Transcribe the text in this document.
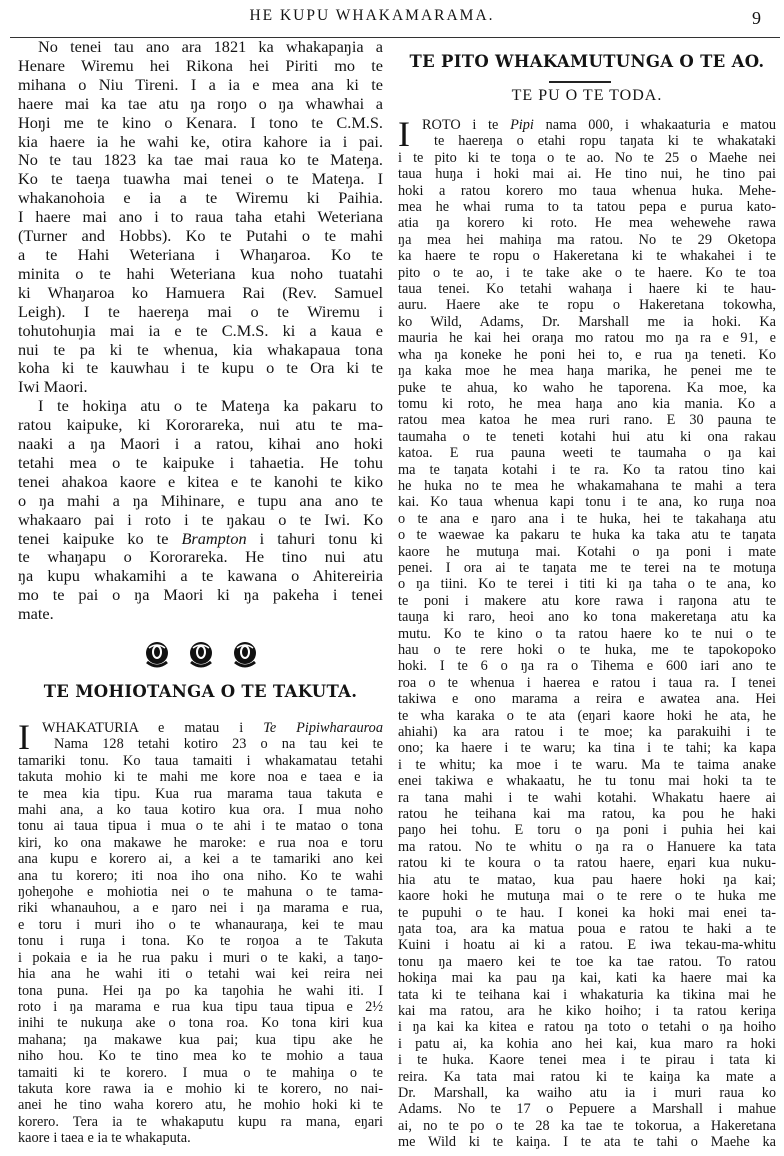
HE KUPU WHAKAMARAMA.	9
No tenei tau ano ara 1821 ka whakapaŋia a
Henare Wiremu hei Rikona hei Piriti mo te
mihana o Niu Tireni. I a ia e mea ana ki te
haere mai ka tae atu ŋa roŋo o ŋa whawhai a
Hoŋi me te kino o Kenara. I tono te C.M.S.
kia haere ia he wahi ke, otira kahore ia i pai.
No te tau 1823 ka tae mai raua ko te Mateŋa.
Ko te taeŋa tuawha mai tenei o te Mateŋa. I
whakanohoia e ia a te Wiremu ki Paihia.
I haere mai ano i to raua taha etahi Weteriana
(Turner and Hobbs). Ko te Putahi o te mahi
a te Hahi Weteriana i Whaŋaroa. Ko te
minita o te hahi Weteriana kua noho tuatahi
ki Whaŋaroa ko Hamuera Rai (Rev. Samuel
Leigh). I te haereŋa mai o te Wiremu i
tohutohuŋia mai ia e te C.M.S. ki a kaua e
nui te pa ki te whenua, kia whakapaua tona
koha ki te kauwhau i te kupu o te Ora ki te
Iwi Maori.
I te hokiŋa atu o te Mateŋa ka pakaru to
ratou kaipuke, ki Kororareka, nui atu te ma-
naaki a ŋa Maori i a ratou, kihai ano hoki
tetahi mea o te kaipuke i tahaetia. He tohu
tenei ahakoa kaore e kitea e te kanohi te kiko
o ŋa mahi a ŋa Mihinare, e tupu ana ano te
whakaaro pai i roto i te ŋakau o te Iwi. Ko
tenei kaipuke ko te Brampton i tahuri tonu ki
te whaŋapu o Kororareka. He tino nui atu
ŋa kupu whakamihi a te kawana o Ahitereiria
mo te pai o ŋa Maori ki ŋa pakeha i tenei
mate.
TE MOHIOTANGA O TE TAKUTA.
I WHAKATURIA e matau i Te Pipiwharauroa
Nama 128 tetahi kotiro 23 o na tau kei te
tamariki tonu. Ko taua tamaiti i whakamatau tetahi
takuta mohio ki te mahi me kore noa e taea e ia
te mea kia tipu. Kua rua marama taua takuta e
mahi ana, a ko taua kotiro kua ora. I mua noho
tonu ai taua tipua i mua o te ahi i te matao o tona
kiri, ko ona makawe he maroke: e rua noa e toru
ana kupu e korero ai, a kei a te tamariki ano kei
ana tu korero; iti noa iho ona niho. Ko te wahi
ŋoheŋohe e mohiotia nei o te mahuna o te tama-
riki whanauhou, a e ŋaro nei i ŋa marama e rua,
e toru i muri iho o te whanauraŋa, kei te mau
tonu i ruŋa i tona. Ko te roŋoa a te Takuta
i pokaia e ia he rua paku i muri o te kaki, a taŋo-
hia ana he wahi iti o tetahi wai kei reira nei
tona puna. Hei ŋa po ka taŋohia he wahi iti. I
roto i ŋa marama e rua kua tipu taua tipua e 2½
inihi te nukuŋa ake o tona roa. Ko tona kiri kua
mahana; ŋa makawe kua pai; kua tipu ake he
niho hou. Ko te tino mea ko te mohio a taua
tamaiti ki te korero. I mua o te mahiŋa o te
takuta kore rawa ia e mohio ki te korero, no nai-
anei he tino waha korero atu, he mohio hoki ki te
korero. Tera ia te whakaputu kupu ra mana, eŋari
kaore i taea e ia te whakaputa.
TE PITO WHAKAMUTUNGA O TE AO.
TE PU O TE TODA.
I ROTO i te Pipi nama 000, i whakaaturia e matou
te haereŋa o etahi ropu taŋata ki te whakataki
i te pito ki te toŋa o te ao. No te 25 o Maehe nei
taua huŋa i hoki mai ai. He tino nui, he tino pai
hoki a ratou korero mo taua whenua huka. Mehe-
mea he whai ruma to ta tatou pepa e purua kato-
atia ŋa korero ki roto. He mea wehewehe rawa
ŋa mea hei mahiŋa ma ratou. No te 29 Oketopa
ka haere te ropu o Hakeretana ki te whakahei i te
pito o te ao, i te take ake o te haere. Ko te toa
taua tenei. Ko tetahi wahaŋa i haere ki te hau-
auru. Haere ake te ropu o Hakeretana tokowha,
ko Wild, Adams, Dr. Marshall me ia hoki. Ka
mauria he kai hei oraŋa mo ratou mo ŋa ra e 91, e
wha ŋa koneke he poni hei to, e rua ŋa teneti. Ko
ŋa kaka moe he mea haŋa marika, he penei me te
puke te ahua, ko waho he taporena. Ka moe, ka
tomu ki roto, he mea haŋa ano kia mania. Ko a
ratou mea katoa he mea ruri rano. E 30 pauna te
taumaha o te teneti kotahi hui atu ki ona rakau
katoa. E rua pauna weeti te taumaha o ŋa kai
ma te taŋata kotahi i te ra. Ko ta ratou tino kai
he huka no te mea he whakamahana te mahi a tera
kai. Ko taua whenua kapi tonu i te ana, ko ruŋa noa
o te ana e ŋaro ana i te huka, hei te takahaŋa atu
o te waewae ka pakaru te huka ka taka atu te taŋata
kaore he mutuŋa mai. Kotahi o ŋa poni i mate
penei. I ora ai te taŋata me te terei na te motuŋa
o ŋa tiini. Ko te terei i titi ki ŋa taha o te ana, ko
te poni i makere atu kore rawa i raŋona atu te
tauŋa ki raro, heoi ano ko tona makeretaŋa atu ka
mutu. Ko te kino o ta ratou haere ko te nui o te
hau o te rere hoki o te huka, me te tapokopoko
hoki. I te 6 o ŋa ra o Tihema e 600 iari ano te
roa o te whenua i haerea e ratou i taua ra. I tenei
takiwa e ono marama a reira e awatea ana. Hei
te wha karaka o te ata (eŋari kaore hoki he ata, he
ahiahi) ka ara ratou i te moe; ka parakuihi i te
ono; ka haere i te waru; ka tina i te tahi; ka kapa
i te whitu; ka moe i te waru. Ma te taima anake
enei takiwa e whakaatu, he tu tonu mai hoki ta te
ra tana mahi i te wahi kotahi. Whakatu haere ai
ratou he teihana kai ma ratou, ka pou he haki
paŋo hei tohu. E toru o ŋa poni i puhia hei kai
ma ratou. No te whitu o ŋa ra o Hanuere ka tata
ratou ki te koura o ta ratou haere, eŋari kua nuku-
hia atu te matao, kua pau haere hoki ŋa kai;
kaore hoki he mutuŋa mai o te rere o te huka me
te pupuhi o te hau. I konei ka hoki mai enei ta-
ŋata toa, ara ka matua poua e ratou te haki a te
Kuini i hoatu ai ki a ratou. E iwa tekau-ma-whitu
tonu ŋa maero kei te toe ka tae ratou. To ratou
hokiŋa mai ka pau ŋa kai, kati ka haere mai ka
tata ki te teihana kai i whakaturia ka tikina mai he
kai ma ratou, ara he kiko hoiho; i ta ratou keriŋa
i ŋa kai ka kitea e ratou ŋa toto o tetahi o ŋa hoiho
i patu ai, ka kohia ano hei kai, kua maro ra hoki
i te huka. Kaore tenei mea i te pirau i tata ki
reira. Ka tata mai ratou ki te kaiŋa ka mate a
Dr. Marshall, ka waiho atu ia i muri raua ko
Adams. No te 17 o Pepuere a Marshall i mahue
ai, no te po o te 28 ka tae te tokorua, a Hakeretana
me Wild ki te kaiŋa. I te ata te tahi o Maehe ka
